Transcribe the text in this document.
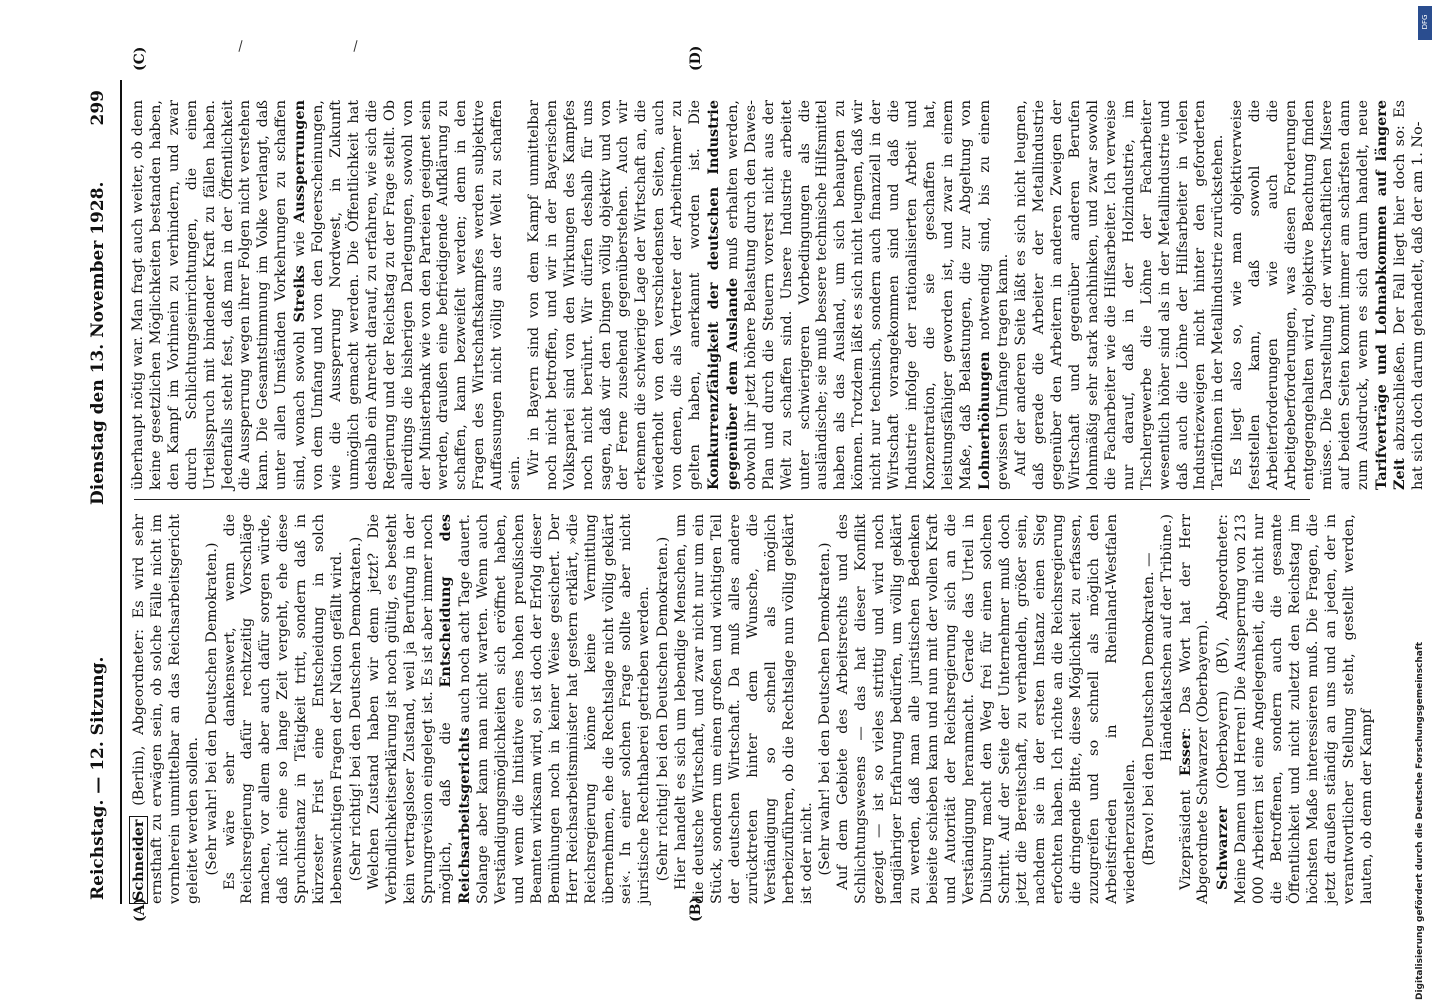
Reichstag. — 12. Sitzung.
Dienstag den 13. November 1928.
299
(A)	(B)
(C)	(D)

Schneider (Berlin), Abgeordneter: Es wird sehr ernsthaft zu erwägen sein, ob solche Fälle nicht im vornherein unmittelbar an das Reichsarbeitsgericht geleitet werden sollen. (Sehr wahr! bei den Deutschen Demokraten.) Es wäre sehr dankenswert, wenn die Reichsregierung dafür rechtzeitig Vorschläge machen, vor allem aber auch dafür sorgen würde, daß nicht eine so lange Zeit vergeht, ehe diese Spruchinstanz in Tätigkeit tritt, sondern daß in kürzester Frist eine Entscheidung in solch lebenswichtigen Fragen der Nation gefällt wird. (Sehr richtig! bei den Deutschen Demokraten.) Welchen Zustand haben wir denn jetzt? Die Verbindlichkeitserklärung ist noch gültig, es besteht kein vertragsloser Zustand, weil ja Berufung in der Sprungrevision eingelegt ist. Es ist aber immer noch möglich, daß die Entscheidung des Reichsarbeitsgerichts auch noch acht Tage dauert. Solange aber kann man nicht warten. Wenn auch Verständigungsmöglichkeiten sich eröffnet haben, und wenn die Initiative eines hohen preußischen Beamten wirksam wird, so ist doch der Erfolg dieser Bemühungen noch in keiner Weise gesichert. Der Herr Reichsarbeitsminister hat gestern erklärt, »die Reichsregierung könne keine Vermittlung übernehmen, ehe die Rechtslage nicht völlig geklärt sei«. In einer solchen Frage sollte aber nicht juristische Rechthaberei getrieben werden. (Sehr richtig! bei den Deutschen Demokraten.) Hier handelt es sich um lebendige Menschen, um die deutsche Wirtschaft, und zwar nicht nur um ein Stück, sondern um einen großen und wichtigen Teil der deutschen Wirtschaft. Da muß alles andere zurücktreten hinter dem Wunsche, die Verständigung so schnell als möglich herbeizuführen, ob die Rechtslage nun völlig geklärt ist oder nicht. (Sehr wahr! bei den Deutschen Demokraten.) Auf dem Gebiete des Arbeitsrechts und des Schlichtungswesens — das hat dieser Konflikt gezeigt — ist so vieles strittig und wird noch langjähriger Erfahrung bedürfen, um völlig geklärt zu werden, daß man alle juristischen Bedenken beiseite schieben kann und nun mit der vollen Kraft und Autorität der Reichsregierung sich an die Verständigung heranmacht. Gerade das Urteil in Duisburg macht den Weg frei für einen solchen Schritt. Auf der Seite der Unternehmer muß doch jetzt die Bereitschaft, zu verhandeln, größer sein, nachdem sie in der ersten Instanz einen Sieg erfochten haben. Ich richte an die Reichsregierung die dringende Bitte, diese Möglichkeit zu erfassen, zuzugreifen und so schnell als möglich den Arbeitsfrieden in Rheinland-Westfalen wiederherzustellen. (Bravo! bei den Deutschen Demokraten. — Händeklatschen auf der Tribüne.)

Vizepräsident Esser: Das Wort hat der Herr Abgeordnete Schwarzer (Oberbayern). Schwarzer (Oberbayern) (BV), Abgeordneter: Meine Damen und Herren! Die Aussperrung von 213 000 Arbeitern ist eine Angelegenheit, die nicht nur die Betroffenen, sondern auch die gesamte Öffentlichkeit und nicht zuletzt den Reichstag im höchsten Maße interessieren muß. Die Fragen, die jetzt draußen ständig an uns und an jeden, der in verantwortlicher Stellung steht, gestellt werden, lauten, ob denn der Kampf

überhaupt nötig war. Man fragt auch weiter, ob denn keine gesetzlichen Möglichkeiten bestanden haben, den Kampf im Vorhinein zu verhindern, und zwar durch Schlichtungseinrichtungen, die einen Urteilsspruch mit bindender Kraft zu fällen haben. Jedenfalls steht fest, daß man in der Öffentlichkeit die Aussperrung wegen ihrer Folgen nicht verstehen kann. Die Gesamtstimmung im Volke verlangt, daß unter allen Umständen Vorkehrungen zu schaffen sind, wonach sowohl Streiks wie Aussperrungen von dem Umfang und von den Folgeerscheinungen, wie die Aussperrung Nordwest, in Zukunft unmöglich gemacht werden. Die Öffentlichkeit hat deshalb ein Anrecht darauf, zu erfahren, wie sich die Regierung und der Reichstag zu der Frage stellt. Ob allerdings die bisherigen Darlegungen, sowohl von der Ministerbank wie von den Parteien geeignet sein werden, draußen eine befriedigende Aufklärung zu schaffen, kann bezweifelt werden; denn in den Fragen des Wirtschaftskampfes werden subjektive Auffassungen nicht völlig aus der Welt zu schaffen sein. Wir in Bayern sind von dem Kampf unmittelbar noch nicht betroffen, und wir in der Bayerischen Volkspartei sind von den Wirkungen des Kampfes noch nicht berührt. Wir dürfen deshalb für uns sagen, daß wir den Dingen völlig objektiv und von der Ferne zusehend gegenüberstehen. Auch wir erkennen die schwierige Lage der Wirtschaft an, die wiederholt von den verschiedensten Seiten, auch von denen, die als Vertreter der Arbeitnehmer zu gelten haben, anerkannt worden ist. Die Konkurrenzfähigkeit der deutschen Industrie gegenüber dem Auslande muß erhalten werden, obwohl ihr jetzt höhere Belastung durch den Dawes-Plan und durch die Steuern vorerst nicht aus der Welt zu schaffen sind. Unsere Industrie arbeitet unter schwierigeren Vorbedingungen als die ausländische; sie muß bessere technische Hilfsmittel haben als das Ausland, um sich behaupten zu können. Trotzdem läßt es sich nicht leugnen, daß wir nicht nur technisch, sondern auch finanziell in der Wirtschaft vorangekommen sind und daß die Industrie infolge der rationalisierten Arbeit und Konzentration, die sie geschaffen hat, leistungsfähiger geworden ist, und zwar in einem Maße, daß Belastungen, die zur Abgeltung von Lohnerhöhungen notwendig sind, bis zu einem gewissen Umfange tragen kann. Auf der anderen Seite läßt es sich nicht leugnen, daß gerade die Arbeiter der Metallindustrie gegenüber den Arbeitern in anderen Zweigen der Wirtschaft und gegenüber anderen Berufen lohnmäßig sehr stark nachhinken, und zwar sowohl die Facharbeiter wie die Hilfsarbeiter. Ich verweise nur darauf, daß in der Holzindustrie, im Tischlergewerbe die Löhne der Facharbeiter wesentlich höher sind als in der Metallindustrie und daß auch die Löhne der Hilfsarbeiter in vielen Industriezweigen nicht hinter den geforderten Tariflöhnen in der Metallindustrie zurückstehen. Es liegt also so, wie man objektiverweise feststellen kann, daß sowohl die Arbeiterforderungen wie auch die Arbeitgeberforderungen, was diesen Forderungen entgegengehalten wird, objektive Beachtung finden müsse. Die Darstellung der wirtschaftlichen Misere auf beiden Seiten kommt immer am schärfsten dann zum Ausdruck, wenn es sich darum handelt, neue Tarifverträge und Lohnabkommen auf längere Zeit abzuschließen. Der Fall liegt hier doch so: Es hat sich doch darum gehandelt, daß der am 1. No-

Digitalisierung gefördert durch die Deutsche Forschungsgemeinschaft
DFG
